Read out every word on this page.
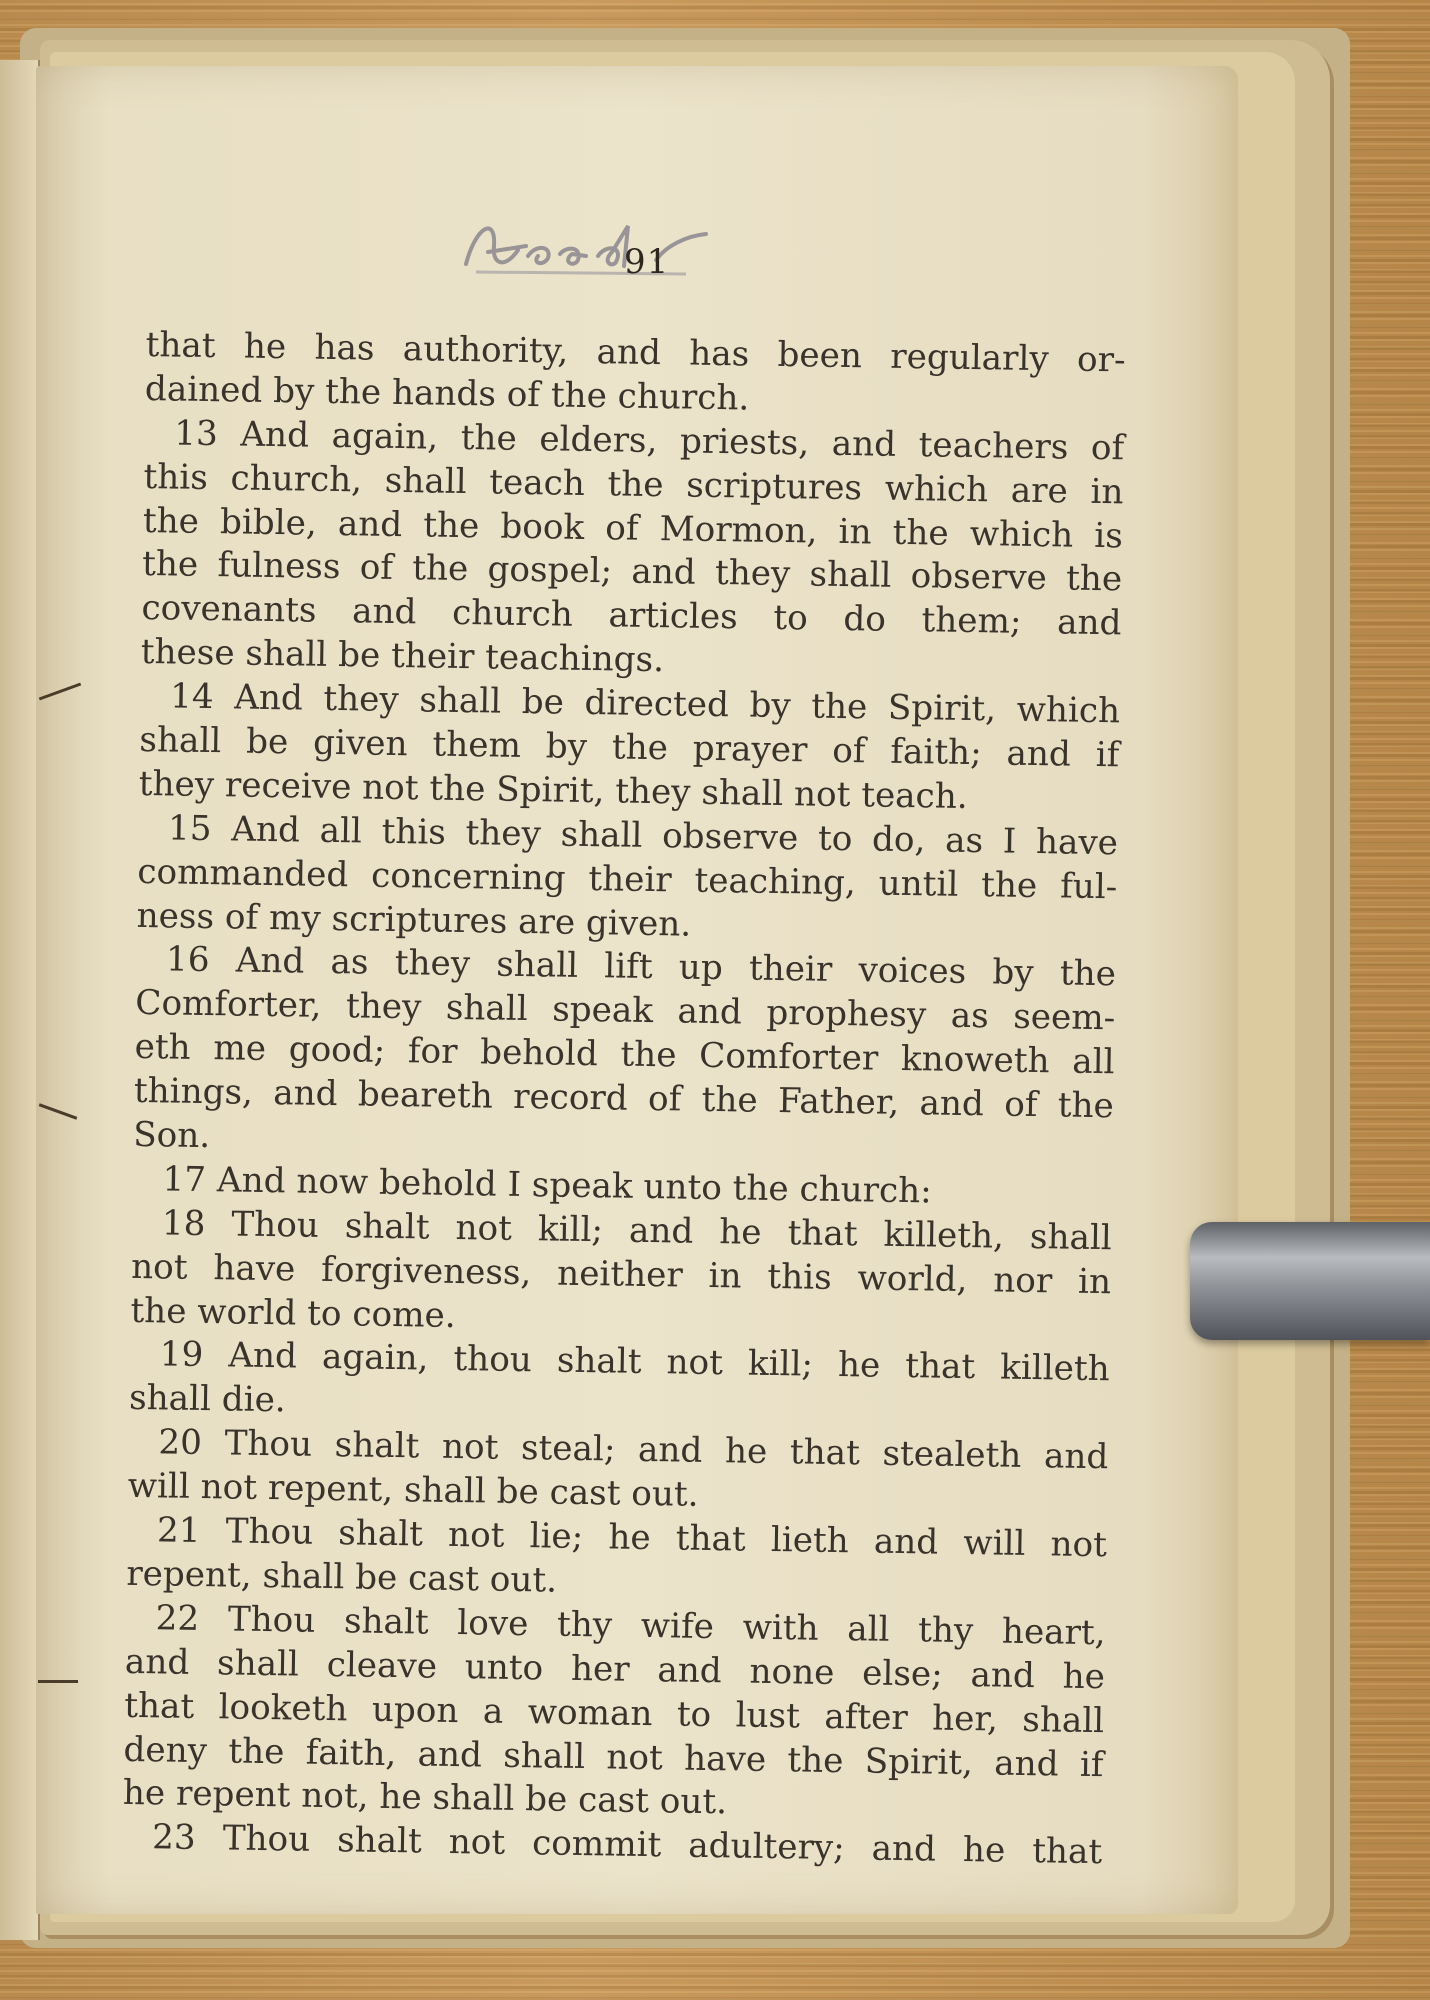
91
that he has authority, and has been regularly or-
dained by the hands of the church.
13 And again, the elders, priests, and teachers of
this church, shall teach the scriptures which are in
the bible, and the book of Mormon, in the which is
the fulness of the gospel; and they shall observe the
covenants and church articles to do them; and
these shall be their teachings.
14 And they shall be directed by the Spirit, which
shall be given them by the prayer of faith; and if
they receive not the Spirit, they shall not teach.
15 And all this they shall observe to do, as I have
commanded concerning their teaching, until the ful-
ness of my scriptures are given.
16 And as they shall lift up their voices by the
Comforter, they shall speak and prophesy as seem-
eth me good; for behold the Comforter knoweth all
things, and beareth record of the Father, and of the
Son.
17 And now behold I speak unto the church:
18 Thou shalt not kill; and he that killeth, shall
not have forgiveness, neither in this world, nor in
the world to come.
19 And again, thou shalt not kill; he that killeth
shall die.
20 Thou shalt not steal; and he that stealeth and
will not repent, shall be cast out.
21 Thou shalt not lie; he that lieth and will not
repent, shall be cast out.
22 Thou shalt love thy wife with all thy heart,
and shall cleave unto her and none else; and he
that looketh upon a woman to lust after her, shall
deny the faith, and shall not have the Spirit, and if
he repent not, he shall be cast out.
23 Thou shalt not commit adultery; and he that
